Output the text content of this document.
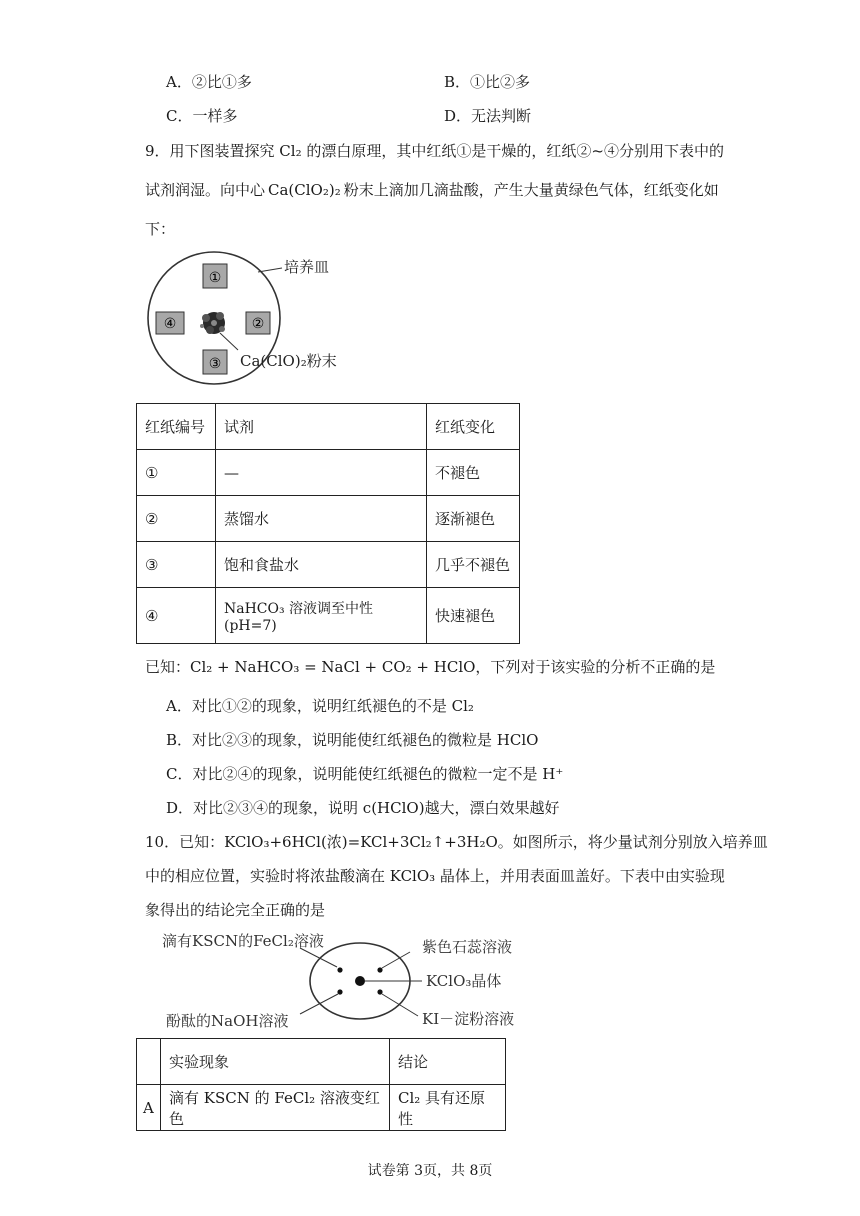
A．②比①多	B．①比②多
C．一样多	D．无法判断
9．用下图装置探究 Cl₂ 的漂白原理，其中红纸①是干燥的，红纸②~④分别用下表中的
试剂润湿。向中心 Ca(ClO₂)₂ 粉末上滴加几滴盐酸，产生大量黄绿色气体，红纸变化如
下：
培养皿
①
②
③
④
Ca(ClO)₂粉末
红纸编号	试剂	红纸变化
①	—	不褪色
②	蒸馏水	逐渐褪色
③	饱和食盐水	几乎不褪色
④	NaHCO₃ 溶液调至中性(pH=7)	快速褪色
已知：Cl₂ + NaHCO₃ = NaCl + CO₂ + HClO，下列对于该实验的分析不正确的是
A．对比①②的现象，说明红纸褪色的不是 Cl₂
B．对比②③的现象，说明能使红纸褪色的微粒是 HClO
C．对比②④的现象，说明能使红纸褪色的微粒一定不是 H⁺
D．对比②③④的现象，说明 c(HClO)越大，漂白效果越好
10．已知：KClO₃+6HCl(浓)=KCl+3Cl₂↑+3H₂O。如图所示，将少量试剂分别放入培养皿
中的相应位置，实验时将浓盐酸滴在 KClO₃ 晶体上，并用表面皿盖好。下表中由实验现
象得出的结论完全正确的是
滴有KSCN的FeCl₂溶液	紫色石蕊溶液
KClO₃晶体
酚酞的NaOH溶液	KI－淀粉溶液
	实验现象	结论
A	滴有 KSCN 的 FeCl₂ 溶液变红色	Cl₂ 具有还原性
试卷第 3页，共 8页
